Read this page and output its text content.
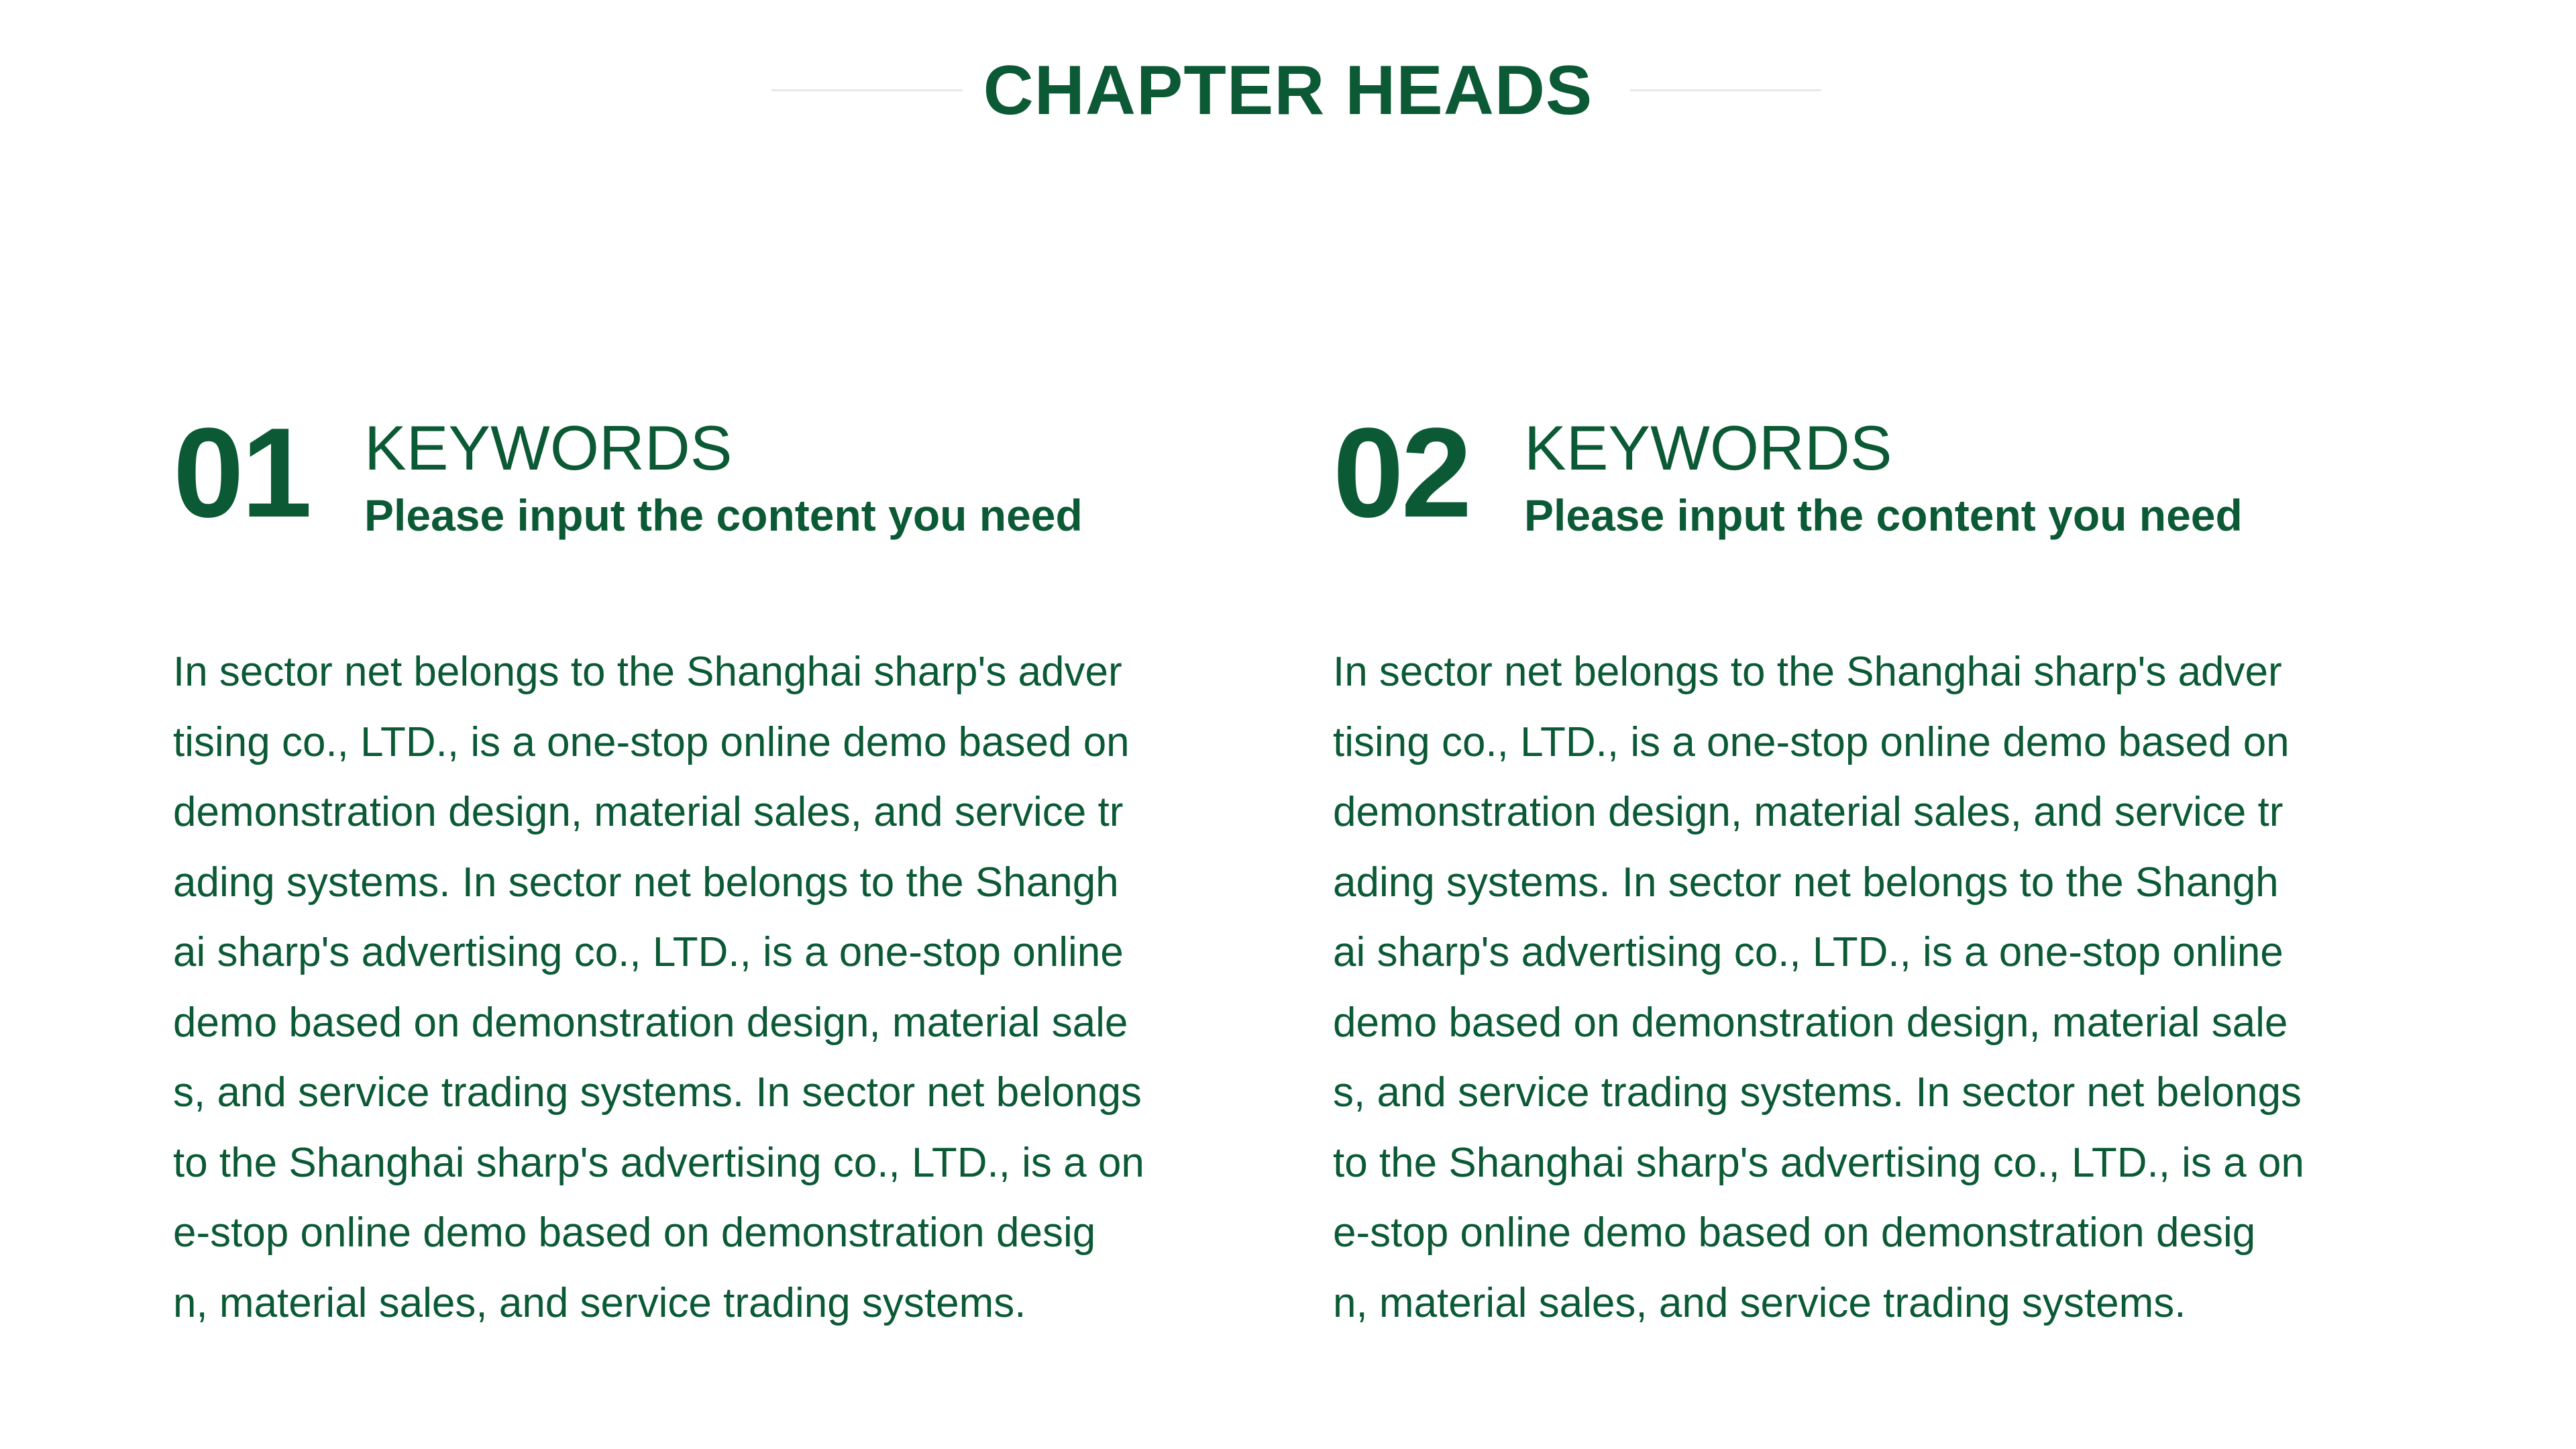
CHAPTER HEADS
01 KEYWORDS
Please input the content you need

In sector net belongs to the Shanghai sharp's adver
tising co., LTD., is a one-stop online demo based on
demonstration design, material sales, and service tr
ading systems. In sector net belongs to the Shangh
ai sharp's advertising co., LTD., is a one-stop online
demo based on demonstration design, material sale
s, and service trading systems. In sector net belongs
to the Shanghai sharp's advertising co., LTD., is a on
e-stop online demo based on demonstration desig
n, material sales, and service trading systems.

02 KEYWORDS
Please input the content you need

In sector net belongs to the Shanghai sharp's adver
tising co., LTD., is a one-stop online demo based on
demonstration design, material sales, and service tr
ading systems. In sector net belongs to the Shangh
ai sharp's advertising co., LTD., is a one-stop online
demo based on demonstration design, material sale
s, and service trading systems. In sector net belongs
to the Shanghai sharp's advertising co., LTD., is a on
e-stop online demo based on demonstration desig
n, material sales, and service trading systems.
